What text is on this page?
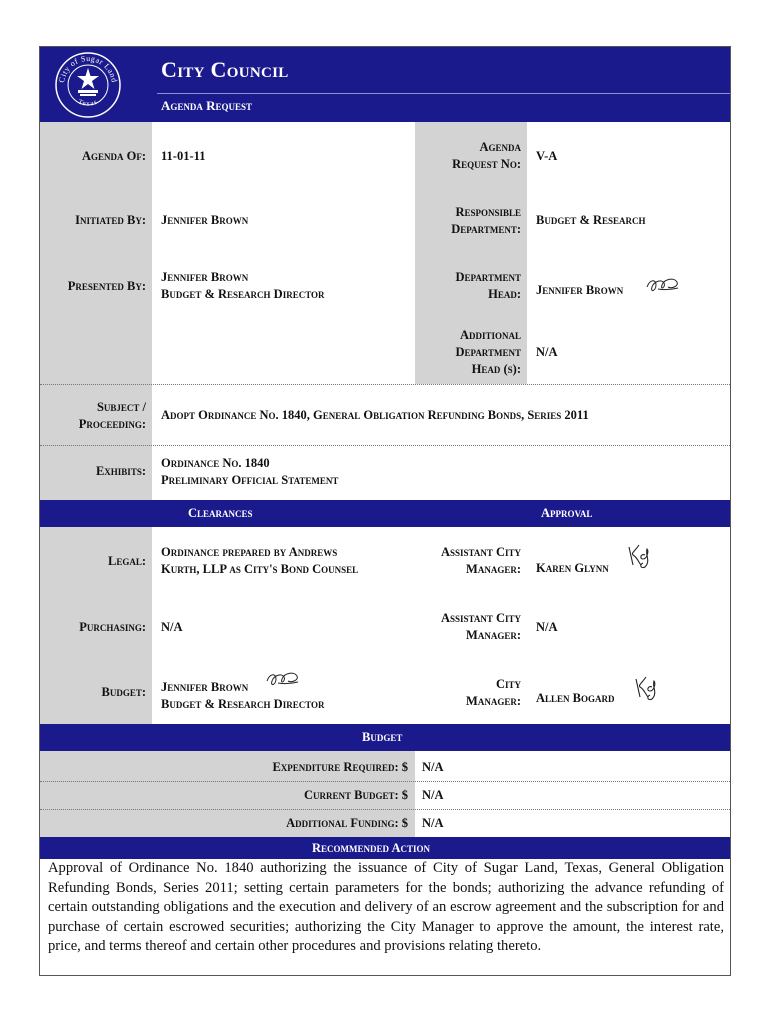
City of Sugar Land
Texas
City Council
Agenda Request
Agenda Of: 11-01-11
Agenda
Request No:
V-A
Initiated By: Jennifer Brown
Responsible
Department:
Budget & Research
Presented By:
Jennifer Brown
Budget & Research Director
Department
Head: Jennifer Brown
Additional
Department
Head (s):
N/A
Subject /
Proceeding:
Adopt Ordinance No. 1840, General Obligation Refunding Bonds, Series 2011
Exhibits:
Ordinance No. 1840
Preliminary Official Statement
Clearances	Approval
Legal:
Ordinance prepared by Andrews
Kurth, LLP as City's Bond Counsel
Assistant City
Manager: Karen Glynn
Purchasing: N/A
Assistant City
Manager:
N/A
Budget: Jennifer Brown
Budget & Research Director
City
Manager: Allen Bogard
Budget
Expenditure Required: $ N/A
Current Budget: $ N/A
Additional Funding: $ N/A
Recommended Action
Approval of Ordinance No. 1840 authorizing the issuance of City of Sugar Land, Texas, General Obligation Refunding Bonds, Series 2011; setting certain parameters for the bonds; authorizing the advance refunding of certain outstanding obligations and the execution and delivery of an escrow agreement and the subscription for and purchase of certain escrowed securities; authorizing the City Manager to approve the amount, the interest rate, price, and terms thereof and certain other procedures and provisions relating thereto.
